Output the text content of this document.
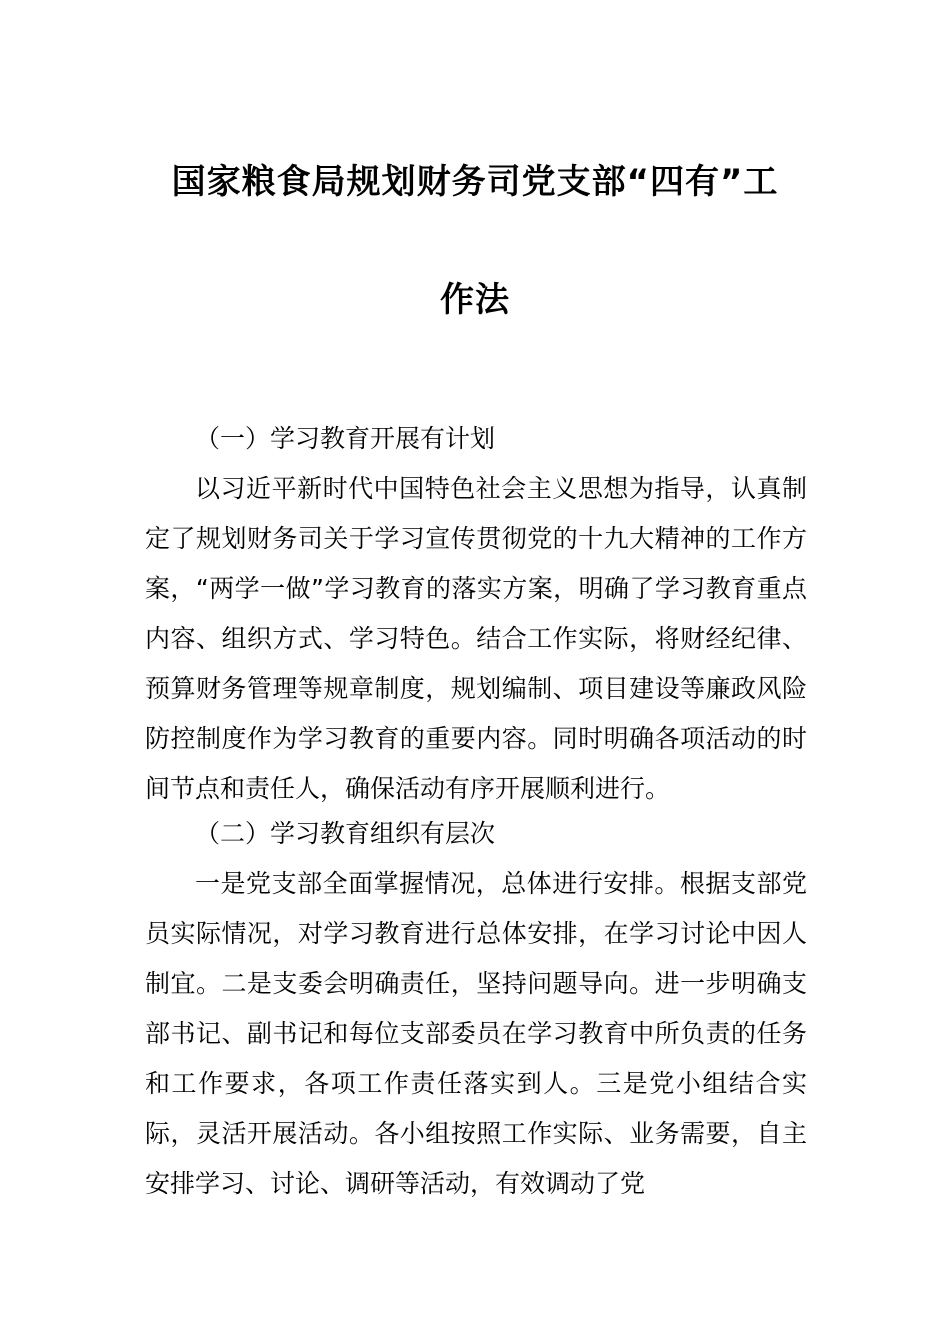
国家粮食局规划财务司党支部“四有”工
作法

（一）学习教育开展有计划

以习近平新时代中国特色社会主义思想为指导，认真制定了规划财务司关于学习宣传贯彻党的十九大精神的工作方案，“两学一做”学习教育的落实方案，明确了学习教育重点内容、组织方式、学习特色。结合工作实际，将财经纪律、预算财务管理等规章制度，规划编制、项目建设等廉政风险防控制度作为学习教育的重要内容。同时明确各项活动的时间节点和责任人，确保活动有序开展顺利进行。

（二）学习教育组织有层次

一是党支部全面掌握情况，总体进行安排。根据支部党员实际情况，对学习教育进行总体安排，在学习讨论中因人制宜。二是支委会明确责任，坚持问题导向。进一步明确支部书记、副书记和每位支部委员在学习教育中所负责的任务和工作要求，各项工作责任落实到人。三是党小组结合实际，灵活开展活动。各小组按照工作实际、业务需要，自主安排学习、讨论、调研等活动，有效调动了党
